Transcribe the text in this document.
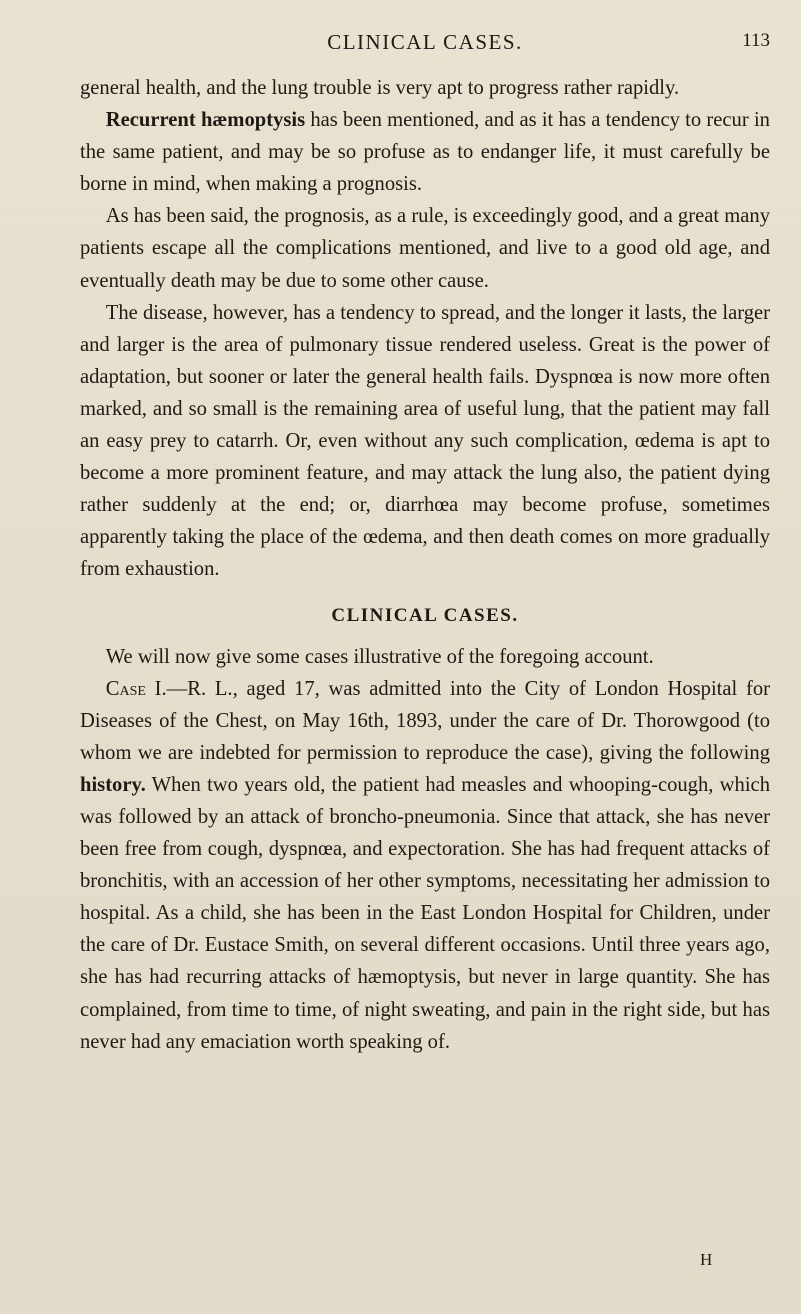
CLINICAL CASES.	113

general health, and the lung trouble is very apt to progress rather rapidly.

Recurrent hæmoptysis has been mentioned, and as it has a tendency to recur in the same patient, and may be so profuse as to endanger life, it must carefully be borne in mind, when making a prognosis.

As has been said, the prognosis, as a rule, is exceedingly good, and a great many patients escape all the complications mentioned, and live to a good old age, and eventually death may be due to some other cause.

The disease, however, has a tendency to spread, and the longer it lasts, the larger and larger is the area of pulmonary tissue rendered useless. Great is the power of adaptation, but sooner or later the general health fails. Dyspnœa is now more often marked, and so small is the remaining area of useful lung, that the patient may fall an easy prey to catarrh. Or, even without any such complication, œdema is apt to become a more prominent feature, and may attack the lung also, the patient dying rather suddenly at the end; or, diarrhœa may become profuse, sometimes apparently taking the place of the œdema, and then death comes on more gradually from exhaustion.

CLINICAL CASES.

We will now give some cases illustrative of the foregoing account.

Case I.—R. L., aged 17, was admitted into the City of London Hospital for Diseases of the Chest, on May 16th, 1893, under the care of Dr. Thorowgood (to whom we are indebted for permission to reproduce the case), giving the following history. When two years old, the patient had measles and whooping-cough, which was followed by an attack of broncho-pneumonia. Since that attack, she has never been free from cough, dyspnœa, and expectoration. She has had frequent attacks of bronchitis, with an accession of her other symptoms, necessitating her admission to hospital. As a child, she has been in the East London Hospital for Children, under the care of Dr. Eustace Smith, on several different occasions. Until three years ago, she has had recurring attacks of hæmoptysis, but never in large quantity. She has complained, from time to time, of night sweating, and pain in the right side, but has never had any emaciation worth speaking of.

H
